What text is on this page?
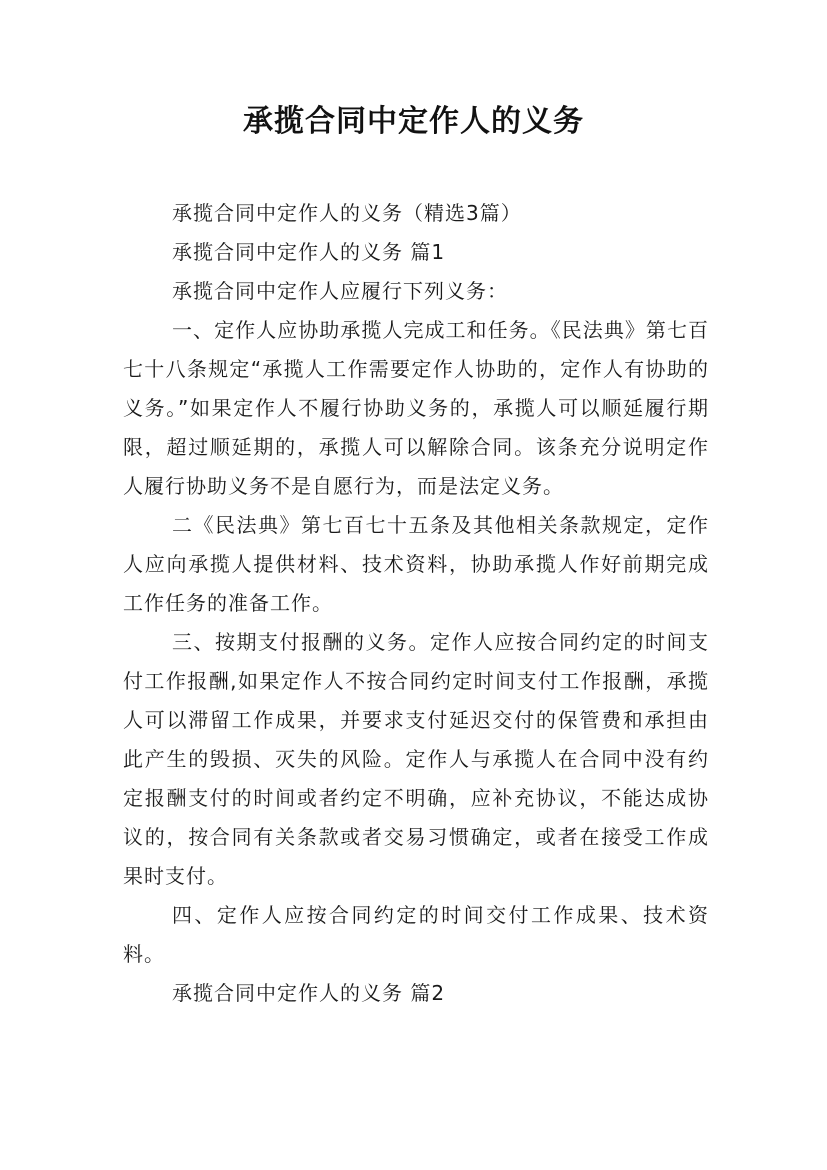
承揽合同中定作人的义务

承揽合同中定作人的义务（精选3篇）

承揽合同中定作人的义务 篇1

承揽合同中定作人应履行下列义务：

一、定作人应协助承揽人完成工和任务。《民法典》第七百七十八条规定“承揽人工作需要定作人协助的，定作人有协助的义务。”如果定作人不履行协助义务的，承揽人可以顺延履行期限，超过顺延期的，承揽人可以解除合同。该条充分说明定作人履行协助义务不是自愿行为，而是法定义务。

二《民法典》第七百七十五条及其他相关条款规定，定作人应向承揽人提供材料、技术资料，协助承揽人作好前期完成工作任务的准备工作。

三、按期支付报酬的义务。定作人应按合同约定的时间支付工作报酬,如果定作人不按合同约定时间支付工作报酬，承揽人可以滞留工作成果，并要求支付延迟交付的保管费和承担由此产生的毁损、灭失的风险。定作人与承揽人在合同中没有约定报酬支付的时间或者约定不明确，应补充协议，不能达成协议的，按合同有关条款或者交易习惯确定，或者在接受工作成果时支付。

四、定作人应按合同约定的时间交付工作成果、技术资料。

承揽合同中定作人的义务 篇2
